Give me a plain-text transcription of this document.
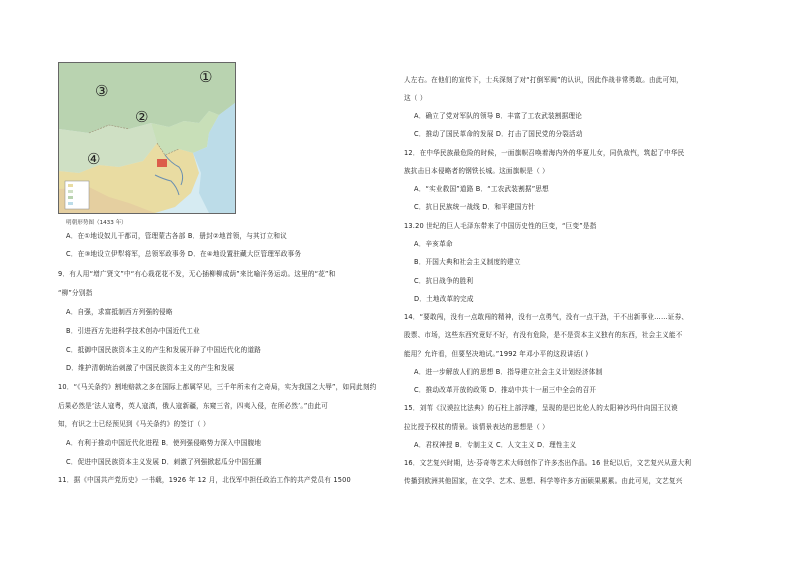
①
②
③
④
明朝形势图（1433 年）
A．在①地设奴儿干都司，管理蒙古各部 B．册封②地首领，与其订立和议
C．在③地设立伊犁将军，总领军政事务 D．在④地设置驻藏大臣管理军政事务
9．有人用“增广贤文”中“有心栽花花不发，无心插柳柳成荫”来比喻洋务运动。这里的“花”和
“柳”分别指
A．自强，求富抵制西方列强的侵略
B．引进西方先进科学技术创办中国近代工业
C．抵御中国民族资本主义的产生和发展开辟了中国近代化的道路
D．维护清朝统治刺激了中国民族资本主义的产生和发展
10．“《马关条约》割地赔款之多在国际上都属罕见，三千年所未有之奇局，实为我国之大辱”，如同此刻约
后果必然是‘法人寇粤，英人寇滇，俄人寇新疆，东窥三省，四夷入侵，在所必然’。”由此可
知，有识之士已经预见到《马关条约》的签订（ ）
A．有利于推动中国近代化进程 B．使列强侵略势力深入中国腹地
C．促进中国民族资本主义发展 D．刺激了列强掀起瓜分中国狂潮
11．据《中国共产党历史》一书载，1926 年 12 月，北伐军中担任政治工作的共产党员有 1500
人左右。在他们的宣传下，士兵深刻了对“打倒军阀”的认识，因此作战非常勇敢。由此可知，
这（ ）
A．确立了党对军队的领导 B．丰富了工农武装割据理论
C．推动了国民革命的发展 D．打击了国民党的分裂活动
12．在中华民族最危险的时候，一面旗帜召唤着海内外的华夏儿女，同仇敌忾，筑起了中华民
族抗击日本侵略者的钢铁长城。这面旗帜是（ ）
A．“实业救国”道路 B．“工农武装割据”思想
C．抗日民族统一战线 D．和平建国方针
13.20 世纪的巨人毛泽东带来了中国历史性的巨变，“巨变”是指
A．辛亥革命
B．开国大典和社会主义制度的建立
C．抗日战争的胜利
D．土地改革的完成
14．“要敢闯，没有一点敢闯的精神，没有一点勇气，没有一点干劲，干不出新事业……证券、
股票、市场，这些东西究竟好不好，有没有危险，是不是资本主义独有的东西，社会主义能不
能用？允许看，但要坚决地试。”1992 年邓小平的这段讲话( )
A．进一步解放人们的思想 B．指导建立社会主义计划经济体制
C．推动改革开放的政策 D．推动中共十一届三中全会的召开
15．刘苇《汉谟拉比法典》的石柱上部浮雕，呈现的是巴比伦人的太阳神沙玛什向国王汉谟
拉比授予权杖的情景。该情景表达的思想是（ ）
A．君权神授 B．专制主义 C．人文主义 D．理性主义
16．文艺复兴时期，达·芬奇等艺术大师创作了许多杰出作品。16 世纪以后，文艺复兴从意大利
传播到欧洲其他国家，在文学、艺术、思想、科学等许多方面硕果累累。由此可见，文艺复兴
